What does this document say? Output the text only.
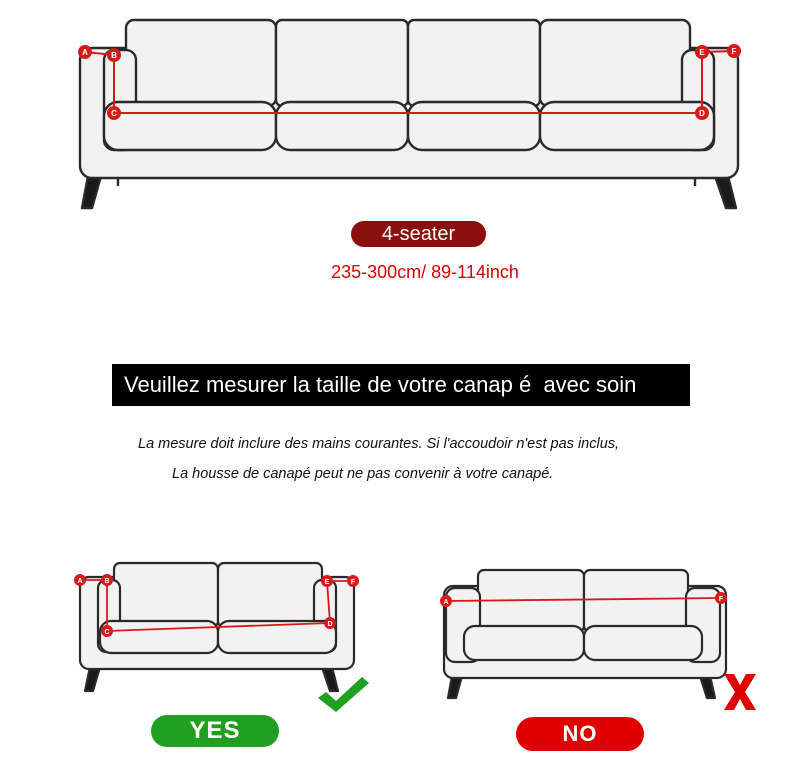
A	B
C	D
E	F
4-seater
235-300cm/ 89-114inch
Veuillez mesurer la taille de votre canap é  avec soin
La mesure doit inclure des mains courantes. Si l'accoudoir n'est pas inclus,
La housse de canapé peut ne pas convenir à votre canapé.
A	B
C
D
E	F
YES
A	F
NO
